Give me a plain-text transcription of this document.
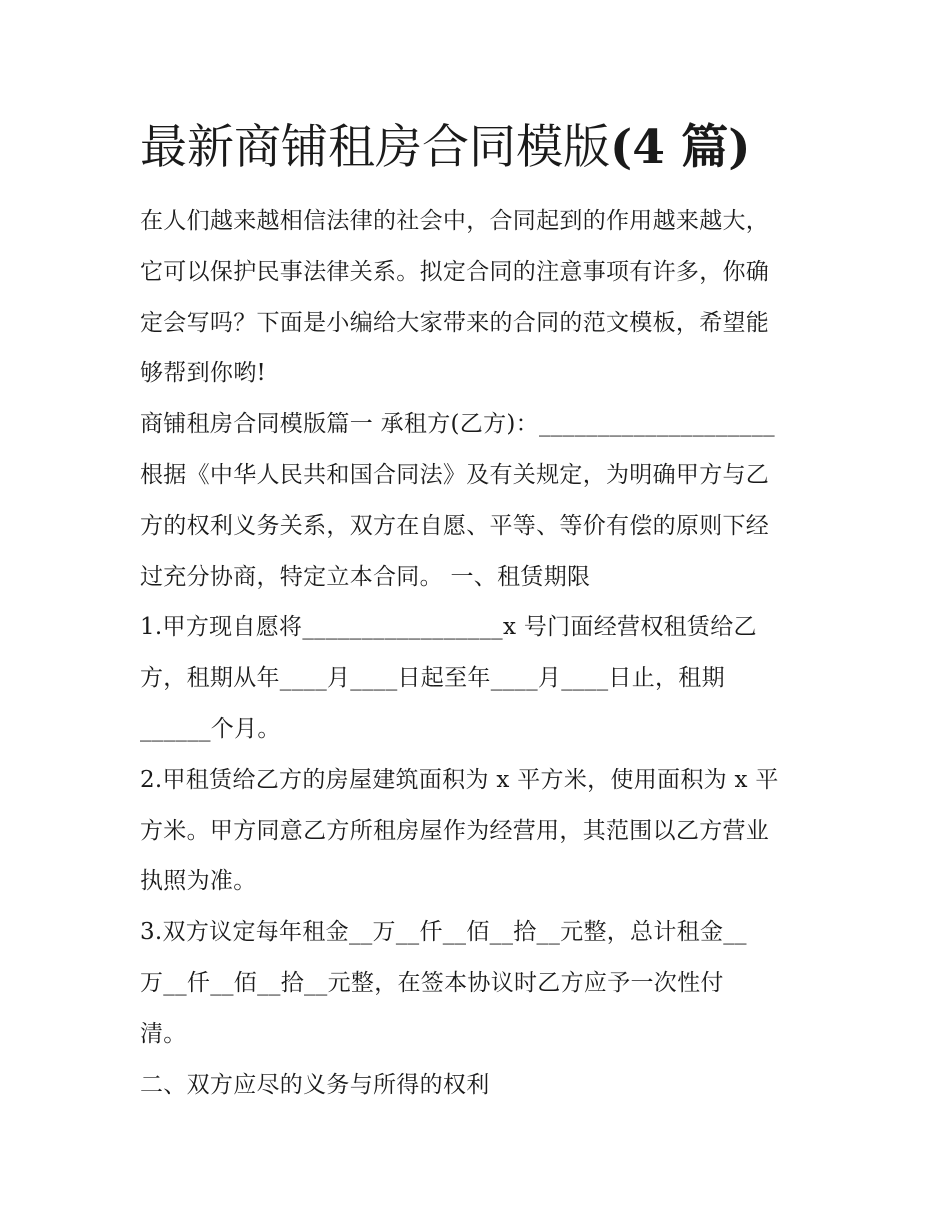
最新商铺租房合同模版(4 篇)

在人们越来越相信法律的社会中，合同起到的作用越来越大，

它可以保护民事法律关系。拟定合同的注意事项有许多，你确

定会写吗？下面是小编给大家带来的合同的范文模板，希望能

够帮到你哟!

商铺租房合同模版篇一 承租方(乙方)：____________________

根据《中华人民共和国合同法》及有关规定，为明确甲方与乙

方的权利义务关系，双方在自愿、平等、等价有偿的原则下经

过充分协商，特定立本合同。 一、租赁期限

1.甲方现自愿将_________________x 号门面经营权租赁给乙

方，租期从年____月____日起至年____月____日止，租期

______个月。

2.甲租赁给乙方的房屋建筑面积为 x 平方米，使用面积为 x 平

方米。甲方同意乙方所租房屋作为经营用，其范围以乙方营业

执照为准。

3.双方议定每年租金__万__仟__佰__拾__元整，总计租金__

万__仟__佰__拾__元整，在签本协议时乙方应予一次性付

清。

二、双方应尽的义务与所得的权利
